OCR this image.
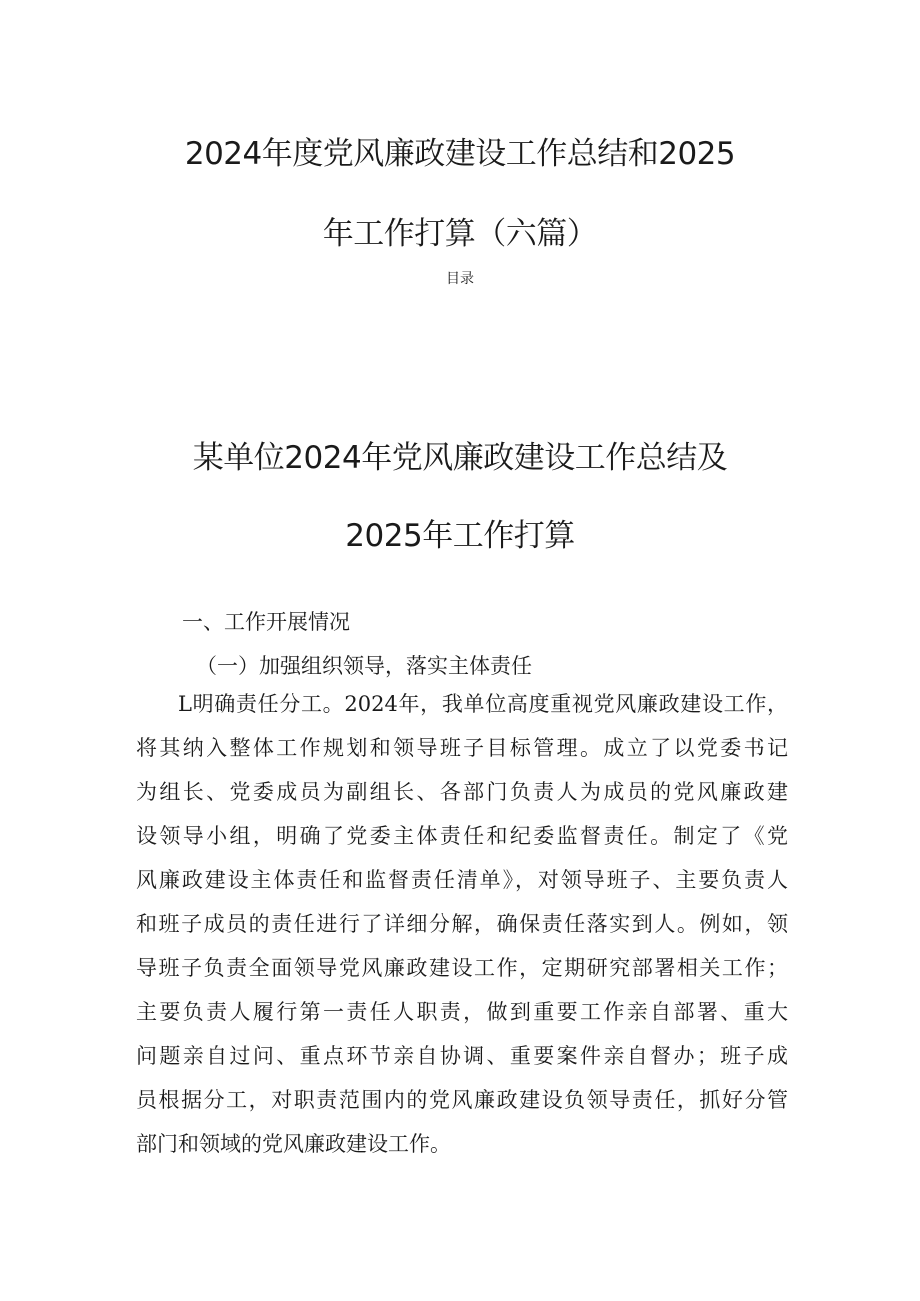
2024年度党风廉政建设工作总结和2025
年工作打算（六篇）
目录
某单位2024年党风廉政建设工作总结及
2025年工作打算
一、工作开展情况
（一）加强组织领导，落实主体责任
L明确责任分工。2024年，我单位高度重视党风廉政建设工作，
将其纳入整体工作规划和领导班子目标管理。成立了以党委书记
为组长、党委成员为副组长、各部门负责人为成员的党风廉政建
设领导小组，明确了党委主体责任和纪委监督责任。制定了《党
风廉政建设主体责任和监督责任清单》，对领导班子、主要负责人
和班子成员的责任进行了详细分解，确保责任落实到人。例如，领
导班子负责全面领导党风廉政建设工作，定期研究部署相关工作；
主要负责人履行第一责任人职责，做到重要工作亲自部署、重大
问题亲自过问、重点环节亲自协调、重要案件亲自督办；班子成
员根据分工，对职责范围内的党风廉政建设负领导责任，抓好分管
部门和领域的党风廉政建设工作。
